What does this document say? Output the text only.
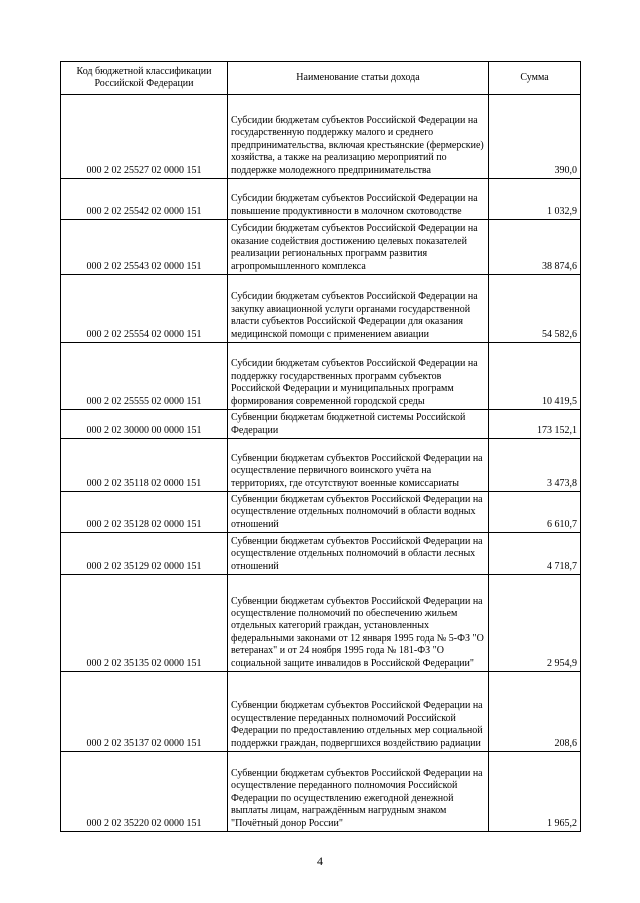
Код бюджетной классификации Российской Федерации	Наименование статьи дохода	Сумма
000 2 02 25527 02 0000 151	Субсидии бюджетам субъектов Российской Федерации на государственную поддержку малого и среднего предпринимательства, включая крестьянские (фермерские) хозяйства, а также на реализацию мероприятий по поддержке молодежного предпринимательства	390,0
000 2 02 25542 02 0000 151	Субсидии бюджетам субъектов Российской Федерации на повышение продуктивности в молочном скотоводстве	1 032,9
000 2 02 25543 02 0000 151	Субсидии бюджетам субъектов Российской Федерации на оказание содействия достижению целевых показателей реализации региональных программ развития агропромышленного комплекса	38 874,6
000 2 02 25554 02 0000 151	Субсидии бюджетам субъектов Российской Федерации на закупку авиационной услуги органами государственной власти субъектов Российской Федерации для оказания медицинской помощи с применением авиации	54 582,6
000 2 02 25555 02 0000 151	Субсидии бюджетам субъектов Российской Федерации на поддержку государственных программ субъектов Российской Федерации и муниципальных программ формирования современной городской среды	10 419,5
000 2 02 30000 00 0000 151	Субвенции бюджетам бюджетной системы Российской Федерации	173 152,1
000 2 02 35118 02 0000 151	Субвенции бюджетам субъектов Российской Федерации на осуществление первичного воинского учёта на территориях, где отсутствуют военные комиссариаты	3 473,8
000 2 02 35128 02 0000 151	Субвенции бюджетам субъектов Российской Федерации на осуществление отдельных полномочий в области водных отношений	6 610,7
000 2 02 35129 02 0000 151	Субвенции бюджетам субъектов Российской Федерации на осуществление отдельных полномочий в области лесных отношений	4 718,7
000 2 02 35135 02 0000 151	Субвенции бюджетам субъектов Российской Федерации на осуществление полномочий по обеспечению жильем отдельных категорий граждан, установленных федеральными законами от 12 января 1995 года № 5-ФЗ "О ветеранах" и от 24 ноября 1995 года № 181-ФЗ "О социальной защите инвалидов в Российской Федерации"	2 954,9
000 2 02 35137 02 0000 151	Субвенции бюджетам субъектов Российской Федерации на осуществление переданных полномочий Российской Федерации по предоставлению отдельных мер социальной поддержки граждан, подвергшихся воздействию радиации	208,6
000 2 02 35220 02 0000 151	Субвенции бюджетам субъектов Российской Федерации на осуществление переданного полномочия Российской Федерации по осуществлению ежегодной денежной выплаты лицам, награждённым нагрудным знаком "Почётный донор России"	1 965,2
4
